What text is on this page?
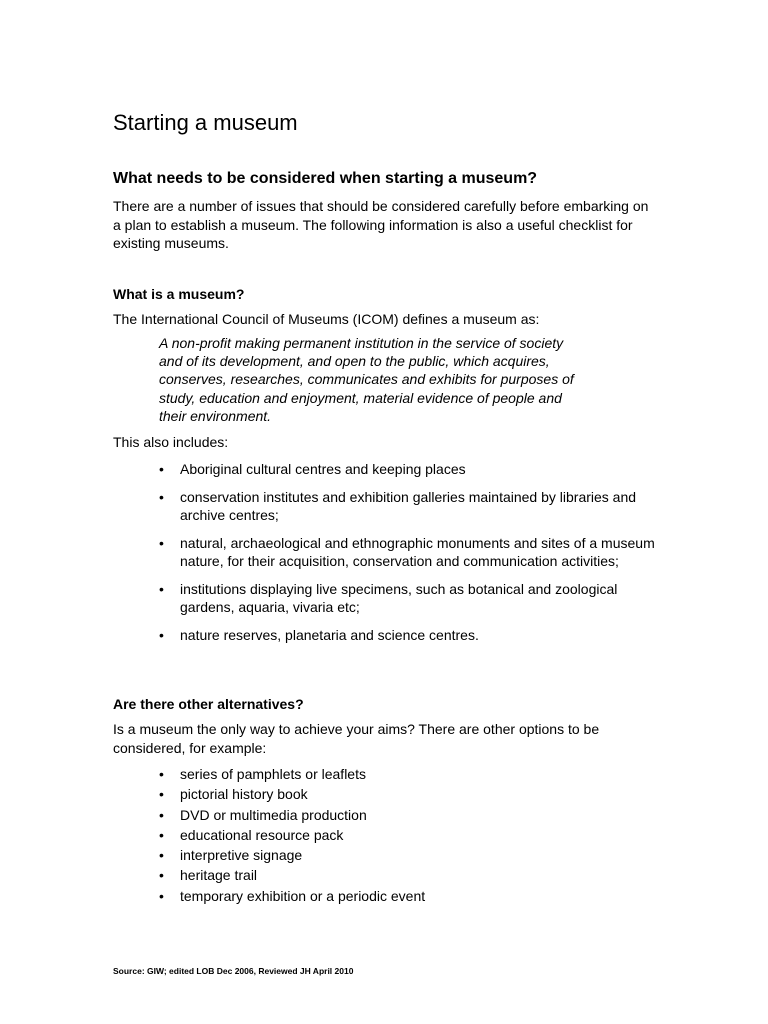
Starting a museum
What needs to be considered when starting a museum?

There are a number of issues that should be considered carefully before embarking on a plan to establish a museum. The following information is also a useful checklist for existing museums.

What is a museum?

The International Council of Museums (ICOM) defines a museum as:

A non-profit making permanent institution in the service of society and of its development, and open to the public, which acquires, conserves, researches, communicates and exhibits for purposes of study, education and enjoyment, material evidence of people and their environment.

This also includes:

• Aboriginal cultural centres and keeping places
• conservation institutes and exhibition galleries maintained by libraries and archive centres;
• natural, archaeological and ethnographic monuments and sites of a museum nature, for their acquisition, conservation and communication activities;
• institutions displaying live specimens, such as botanical and zoological gardens, aquaria, vivaria etc;
• nature reserves, planetaria and science centres.
Are there other alternatives?

Is a museum the only way to achieve your aims? There are other options to be considered, for example:

• series of pamphlets or leaflets
• pictorial history book
• DVD or multimedia production
• educational resource pack
• interpretive signage
• heritage trail
• temporary exhibition or a periodic event

Source: GIW; edited LOB Dec 2006, Reviewed JH April 2010
